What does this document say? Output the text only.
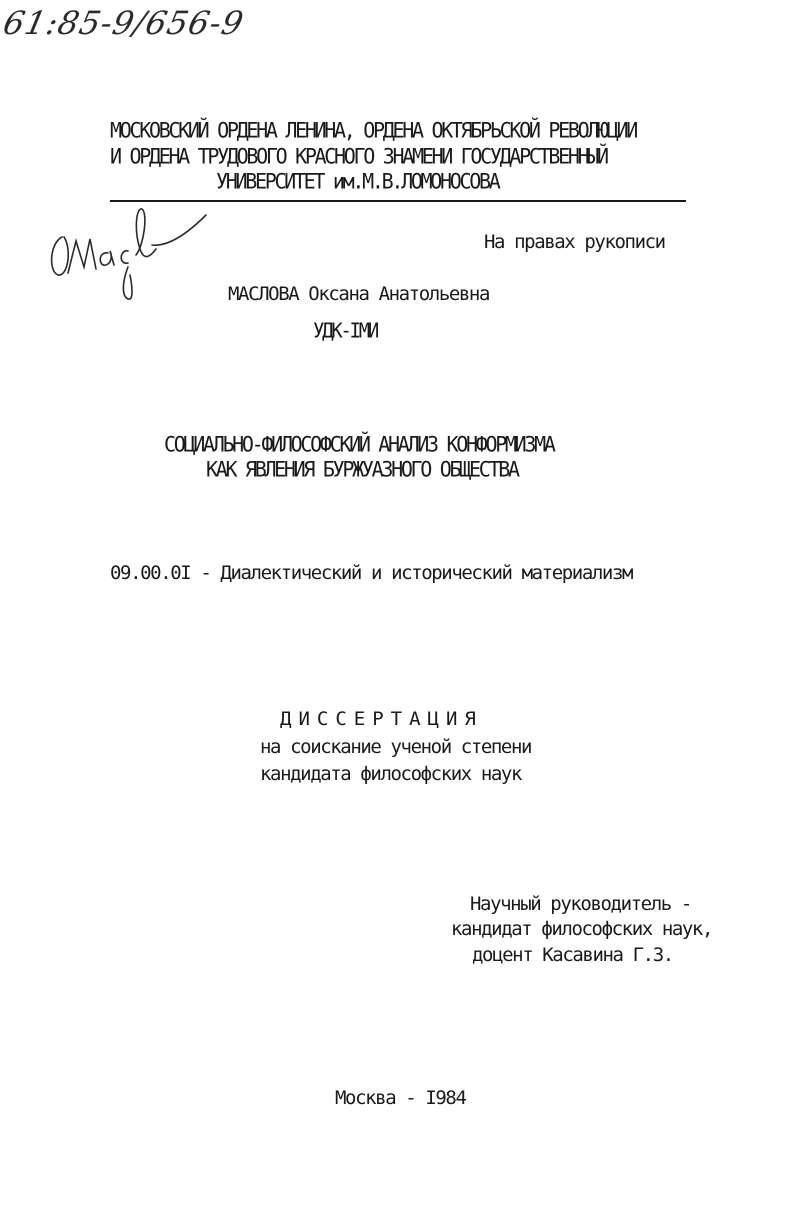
61:85-9/656-9
МОСКОВСКИЙ ОРДЕНА ЛЕНИНА, ОРДЕНА ОКТЯБРЬСКОЙ РЕВОЛЮЦИИ
И ОРДЕНА ТРУДОВОГО КРАСНОГО ЗНАМЕНИ ГОСУДАРСТВЕННЫЙ
УНИВЕРСИТЕТ им.М.В.ЛОМОНОСОВА
На правах рукописи
МАСЛОВА Оксана Анатольевна
УДК-IМИ
СОЦИАЛЬНО-ФИЛОСОФСКИЙ АНАЛИЗ КОНФОРМИЗМА
КАК ЯВЛЕНИЯ БУРЖУАЗНОГО ОБЩЕСТВА
09.00.0I - Диалектический и исторический материализм
ДИССЕРТАЦИЯ
на соискание ученой степени
кандидата философских наук
Научный руководитель -
кандидат философских наук,
доцент Касавина Г.З.
Москва - I984
